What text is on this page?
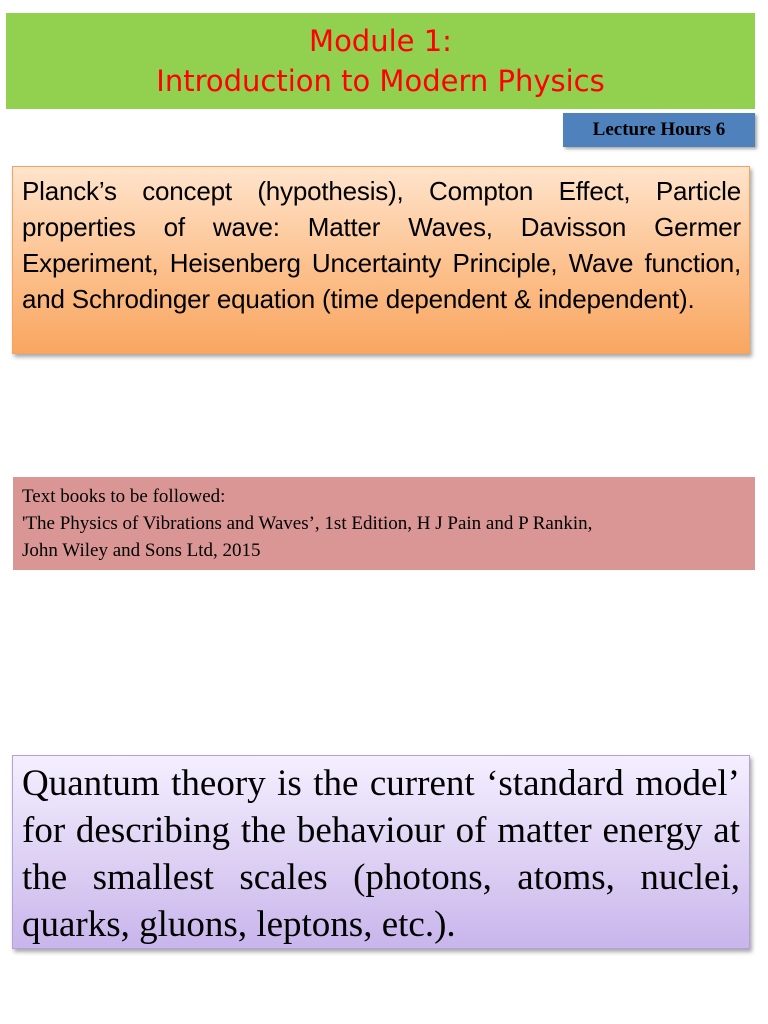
Module 1:
Introduction to Modern Physics
Lecture Hours 6
Planck’s concept (hypothesis), Compton Effect, Particle properties of wave: Matter Waves, Davisson Germer Experiment, Heisenberg Uncertainty Principle, Wave function, and Schrodinger equation (time dependent & independent).
Text books to be followed:
'The Physics of Vibrations and Waves’, 1st Edition, H J Pain and P Rankin,
John Wiley and Sons Ltd, 2015
Quantum theory is the current ‘standard model’ for describing the behaviour of matter energy at the smallest scales (photons, atoms, nuclei, quarks, gluons, leptons, etc.).
